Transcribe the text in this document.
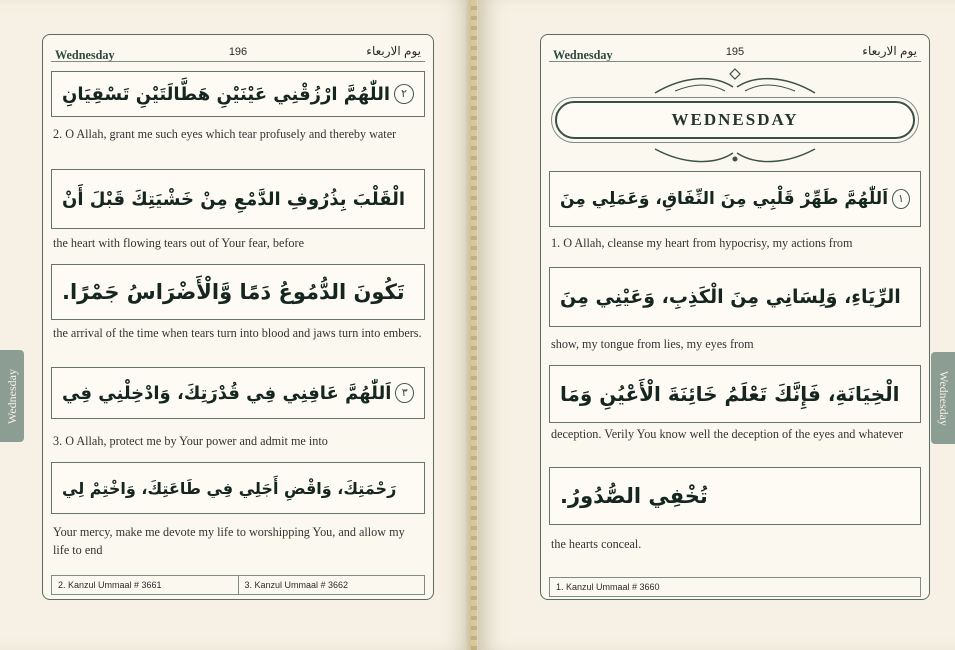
Wednesday
Wednesday	196	يوم الاربعاء
٢
اللّٰهُمَّ ارْزُقْنِي عَيْنَيْنِ هَطَّالَتَيْنِ تَسْقِيَانِ
2. O Allah, grant me such eyes which tear profusely and thereby water
الْقَلْبَ بِذُرُوفِ الدَّمْعِ مِنْ خَشْيَتِكَ قَبْلَ أَنْ
the heart with flowing tears out of Your fear, before
تَكُونَ الدُّمُوعُ دَمًا وَّالْأَضْرَاسُ جَمْرًا.
the arrival of the time when tears turn into blood and jaws turn into embers.
٣
اَللّٰهُمَّ عَافِنِي فِي قُدْرَتِكَ، وَادْخِلْنِي فِي
3. O Allah, protect me by Your power and admit me into
رَحْمَتِكَ، وَاقْضِ أَجَلِي فِي طَاعَتِكَ، وَاخْتِمْ لِي
Your mercy, make me devote my life to worshipping You, and allow my life to end
2. Kanzul Ummaal # 3661	3. Kanzul Ummaal # 3662
Wednesday
Wednesday	195	يوم الاربعاء
WEDNESDAY
١
اَللّٰهُمَّ طَهِّرْ قَلْبِي مِنَ النِّفَاقِ، وَعَمَلِي مِنَ
1. O Allah, cleanse my heart from hypocrisy, my actions from
الرِّيَاءِ، وَلِسَانِي مِنَ الْكَذِبِ، وَعَيْنِي مِنَ
show, my tongue from lies, my eyes from
الْخِيَانَةِ، فَإِنَّكَ تَعْلَمُ خَائِنَةَ الْأَعْيُنِ وَمَا
deception. Verily You know well the deception of the eyes and whatever
تُخْفِي الصُّدُورُ.
the hearts conceal.
1. Kanzul Ummaal # 3660
